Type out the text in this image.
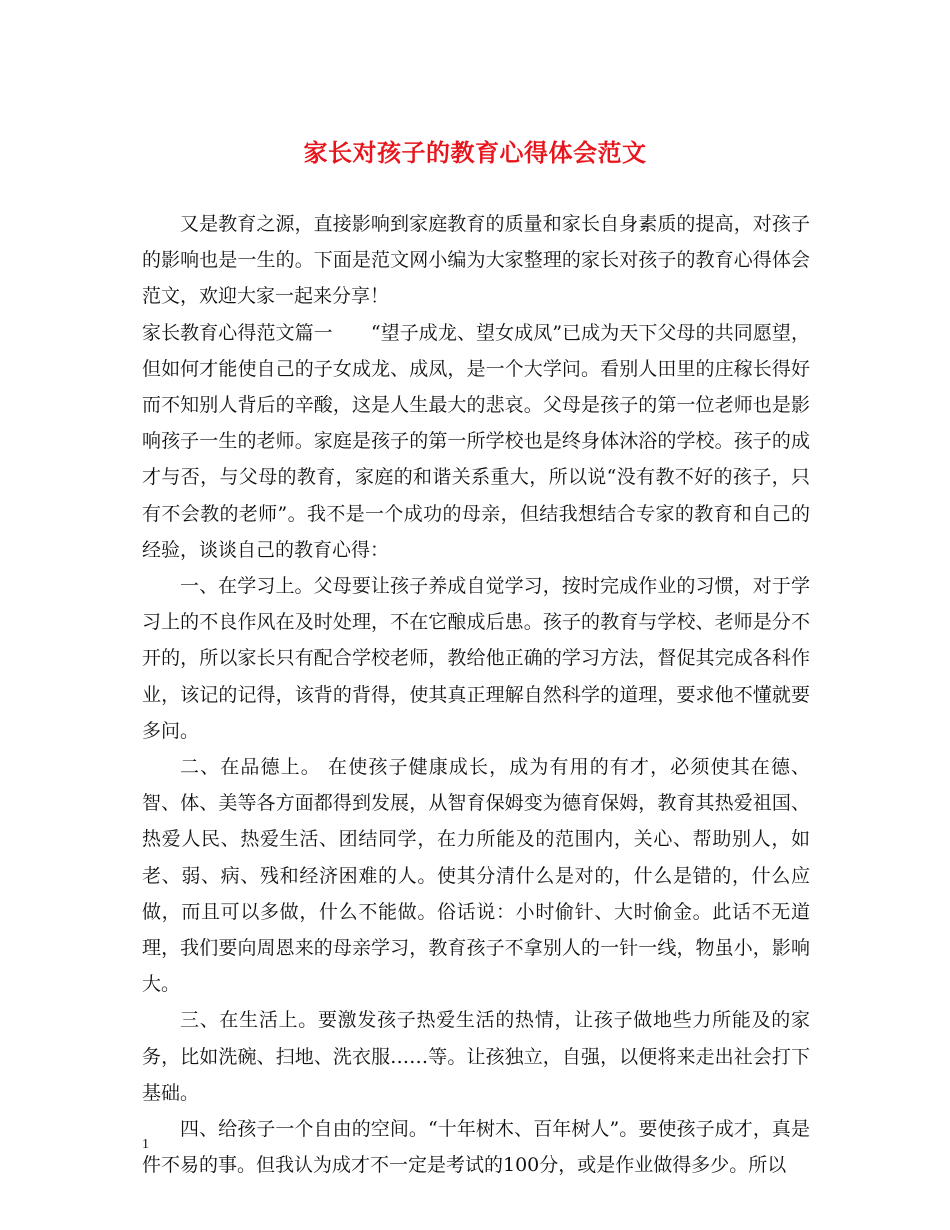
家长对孩子的教育心得体会范文

又是教育之源，直接影响到家庭教育的质量和家长自身素质的提高，对孩子的影响也是一生的。下面是范文网小编为大家整理的家长对孩子的教育心得体会范文，欢迎大家一起来分享！

家长教育心得范文篇一　　“望子成龙、望女成凤”已成为天下父母的共同愿望，但如何才能使自己的子女成龙、成凤，是一个大学问。看别人田里的庄稼长得好而不知别人背后的辛酸，这是人生最大的悲哀。父母是孩子的第一位老师也是影响孩子一生的老师。家庭是孩子的第一所学校也是终身体沐浴的学校。孩子的成才与否，与父母的教育，家庭的和谐关系重大，所以说“没有教不好的孩子，只有不会教的老师”。我不是一个成功的母亲，但结我想结合专家的教育和自己的经验，谈谈自己的教育心得：

一、在学习上。父母要让孩子养成自觉学习，按时完成作业的习惯，对于学习上的不良作风在及时处理，不在它酿成后患。孩子的教育与学校、老师是分不开的，所以家长只有配合学校老师，教给他正确的学习方法，督促其完成各科作业，该记的记得，该背的背得，使其真正理解自然科学的道理，要求他不懂就要多问。

二、在品德上。 在使孩子健康成长，成为有用的有才，必须使其在德、智、体、美等各方面都得到发展，从智育保姆变为德育保姆，教育其热爱祖国、热爱人民、热爱生活、团结同学，在力所能及的范围内，关心、帮助别人，如老、弱、病、残和经济困难的人。使其分清什么是对的，什么是错的，什么应做，而且可以多做，什么不能做。俗话说：小时偷针、大时偷金。此话不无道理，我们要向周恩来的母亲学习，教育孩子不拿别人的一针一线，物虽小，影响大。

三、在生活上。要激发孩子热爱生活的热情，让孩子做地些力所能及的家务，比如洗碗、扫地、洗衣服……等。让孩独立，自强，以便将来走出社会打下基础。

四、给孩子一个自由的空间。“十年树木、百年树人”。要使孩子成才，真是件不易的事。但我认为成才不一定是考试的100分，或是作业做得多少。所以

1
